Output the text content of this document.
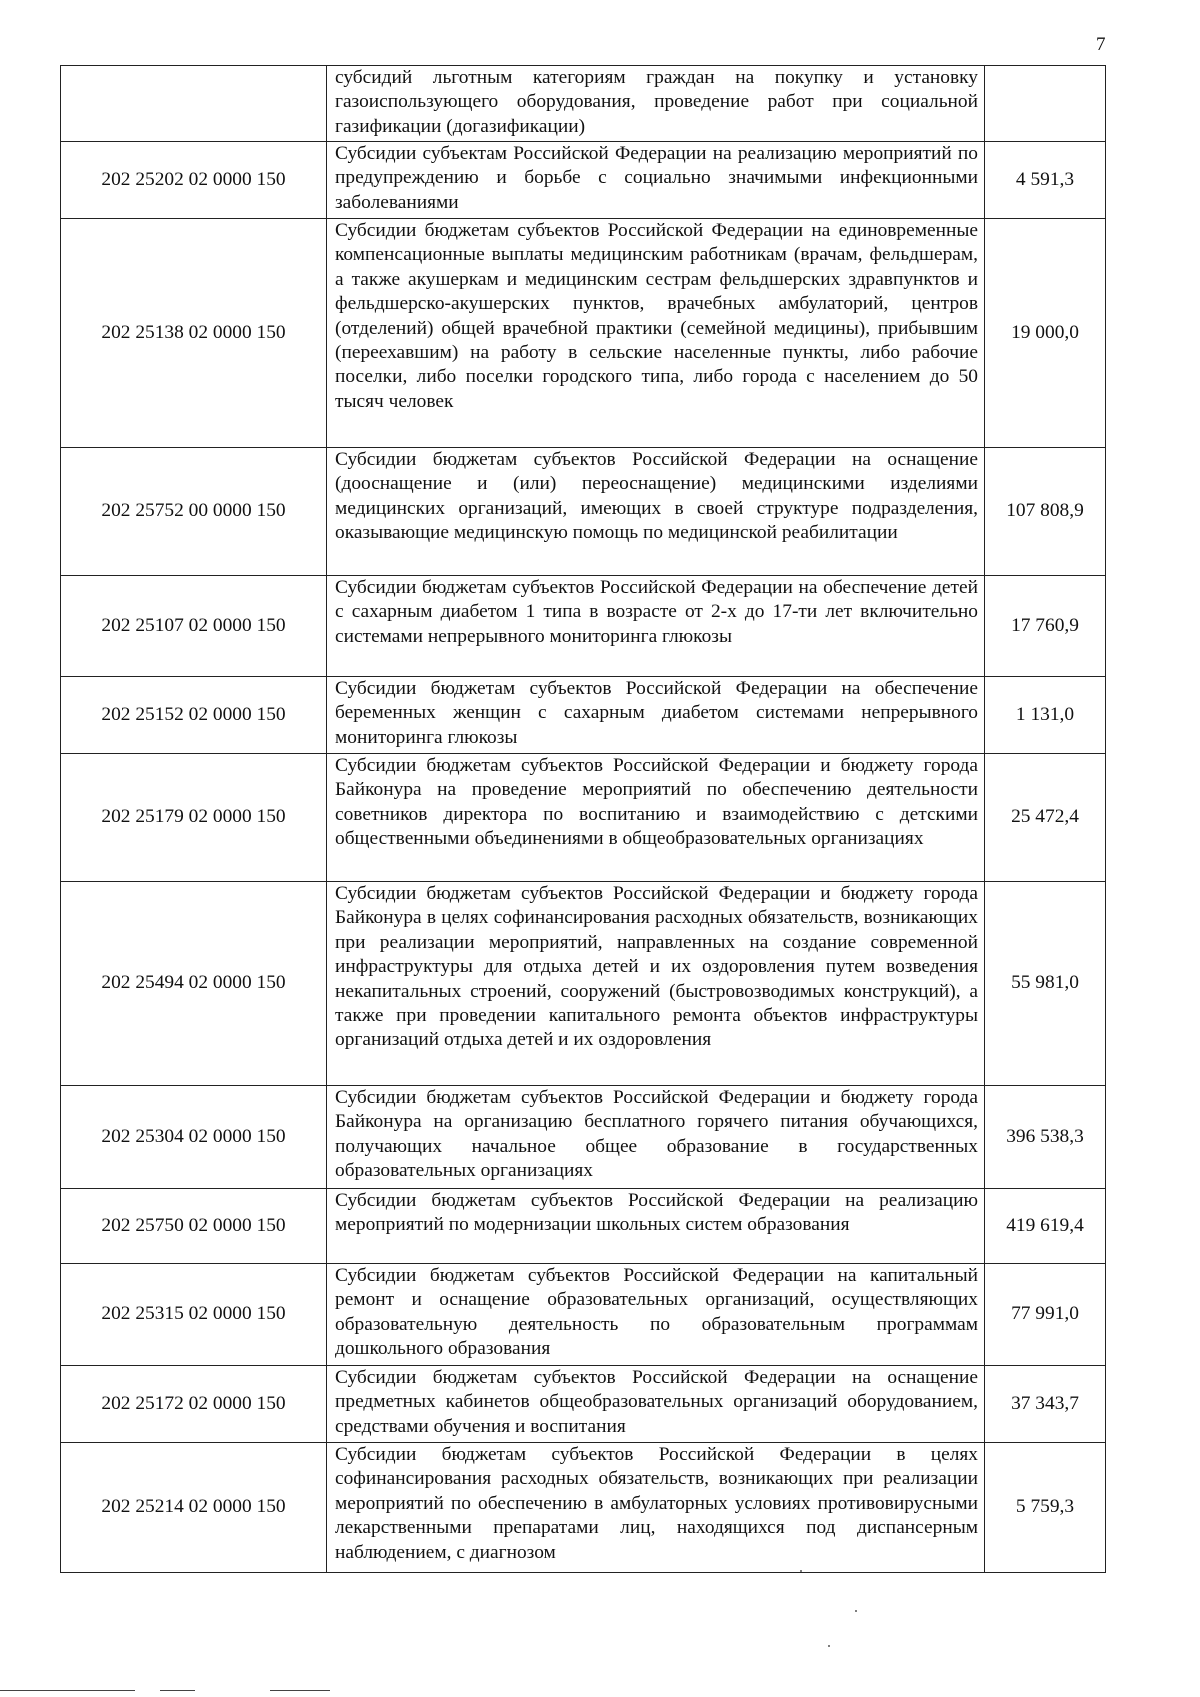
7
	субсидий льготным категориям граждан на покупку и установку газоиспользующего оборудования, проведение работ при социальной газификации (догазификации)	
202 25202 02 0000 150	Субсидии субъектам Российской Федерации на реализацию мероприятий по предупреждению и борьбе с социально значимыми инфекционными заболеваниями	4 591,3
202 25138 02 0000 150	Субсидии бюджетам субъектов Российской Федерации на единовременные компенсационные выплаты медицинским работникам (врачам, фельдшерам, а также акушеркам и медицинским сестрам фельдшерских здравпунктов и фельдшерско-акушерских пунктов, врачебных амбулаторий, центров (отделений) общей врачебной практики (семейной медицины), прибывшим (переехавшим) на работу в сельские населенные пункты, либо рабочие поселки, либо поселки городского типа, либо города с населением до 50 тысяч человек	19 000,0
202 25752 00 0000 150	Субсидии бюджетам субъектов Российской Федерации на оснащение (дооснащение и (или) переоснащение) медицинскими изделиями медицинских организаций, имеющих в своей структуре подразделения, оказывающие медицинскую помощь по медицинской реабилитации	107 808,9
202 25107 02 0000 150	Субсидии бюджетам субъектов Российской Федерации на обеспечение детей с сахарным диабетом 1 типа в возрасте от 2-х до 17-ти лет включительно системами непрерывного мониторинга глюкозы	17 760,9
202 25152 02 0000 150	Субсидии бюджетам субъектов Российской Федерации на обеспечение беременных женщин с сахарным диабетом системами непрерывного мониторинга глюкозы	1 131,0
202 25179 02 0000 150	Субсидии бюджетам субъектов Российской Федерации и бюджету города Байконура на проведение мероприятий по обеспечению деятельности советников директора по воспитанию и взаимодействию с детскими общественными объединениями в общеобразовательных организациях	25 472,4
202 25494 02 0000 150	Субсидии бюджетам субъектов Российской Федерации и бюджету города Байконура в целях софинансирования расходных обязательств, возникающих при реализации мероприятий, направленных на создание современной инфраструктуры для отдыха детей и их оздоровления путем возведения некапитальных строений, сооружений (быстровозводимых конструкций), а также при проведении капитального ремонта объектов инфраструктуры организаций отдыха детей и их оздоровления	55 981,0
202 25304 02 0000 150	Субсидии бюджетам субъектов Российской Федерации и бюджету города Байконура на организацию бесплатного горячего питания обучающихся, получающих начальное общее образование в государственных образовательных организациях	396 538,3
202 25750 02 0000 150	Субсидии бюджетам субъектов Российской Федерации на реализацию мероприятий по модернизации школьных систем образования	419 619,4
202 25315 02 0000 150	Субсидии бюджетам субъектов Российской Федерации на капитальный ремонт и оснащение образовательных организаций, осуществляющих образовательную деятельность по образовательным программам дошкольного образования	77 991,0
202 25172 02 0000 150	Субсидии бюджетам субъектов Российской Федерации на оснащение предметных кабинетов общеобразовательных организаций оборудованием, средствами обучения и воспитания	37 343,7
202 25214 02 0000 150	Субсидии бюджетам субъектов Российской Федерации в целях софинансирования расходных обязательств, возникающих при реализации мероприятий по обеспечению в амбулаторных условиях противовирусными лекарственными препаратами лиц, находящихся под диспансерным наблюдением, с диагнозом	5 759,3
